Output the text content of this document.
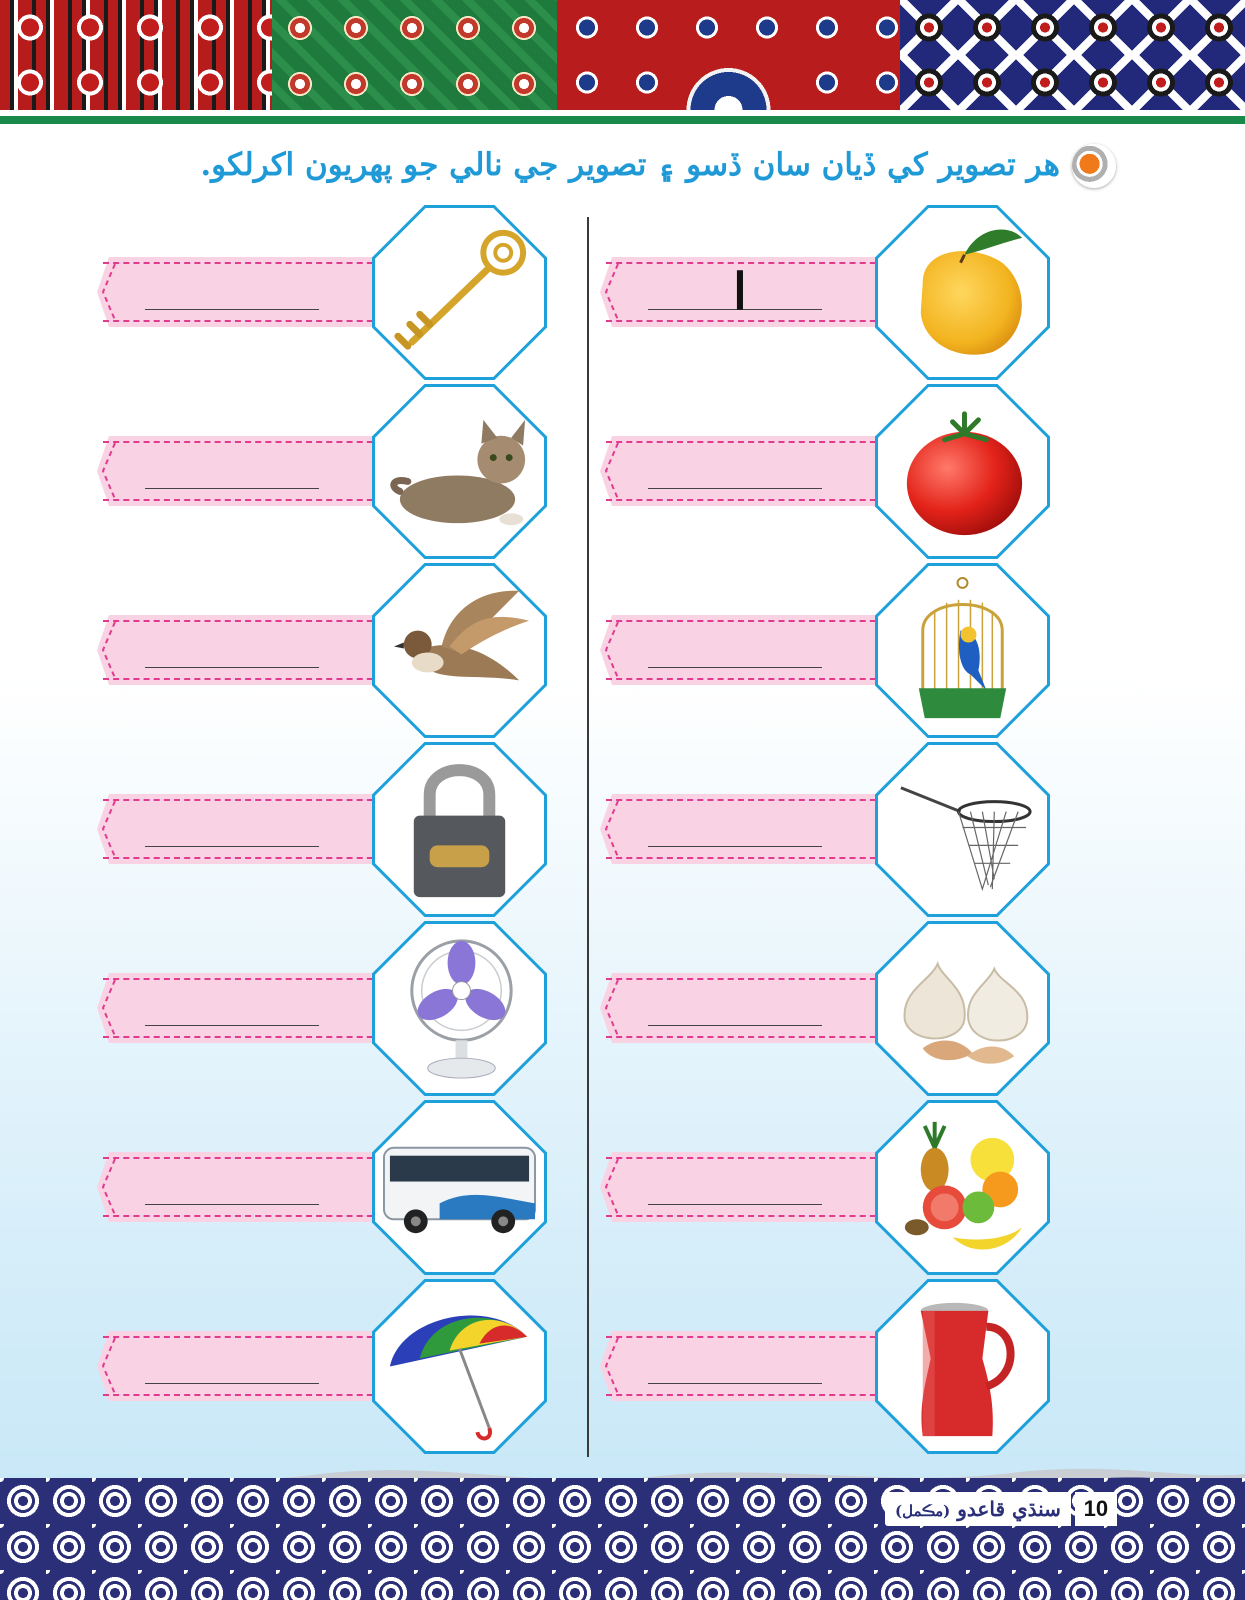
هر تصوير کي ڏيان سان ڏسو ۽ تصوير جي نالي جو پهريون اکرلکو.
ا
سنڌي قاعدو (مڪمل)	10
